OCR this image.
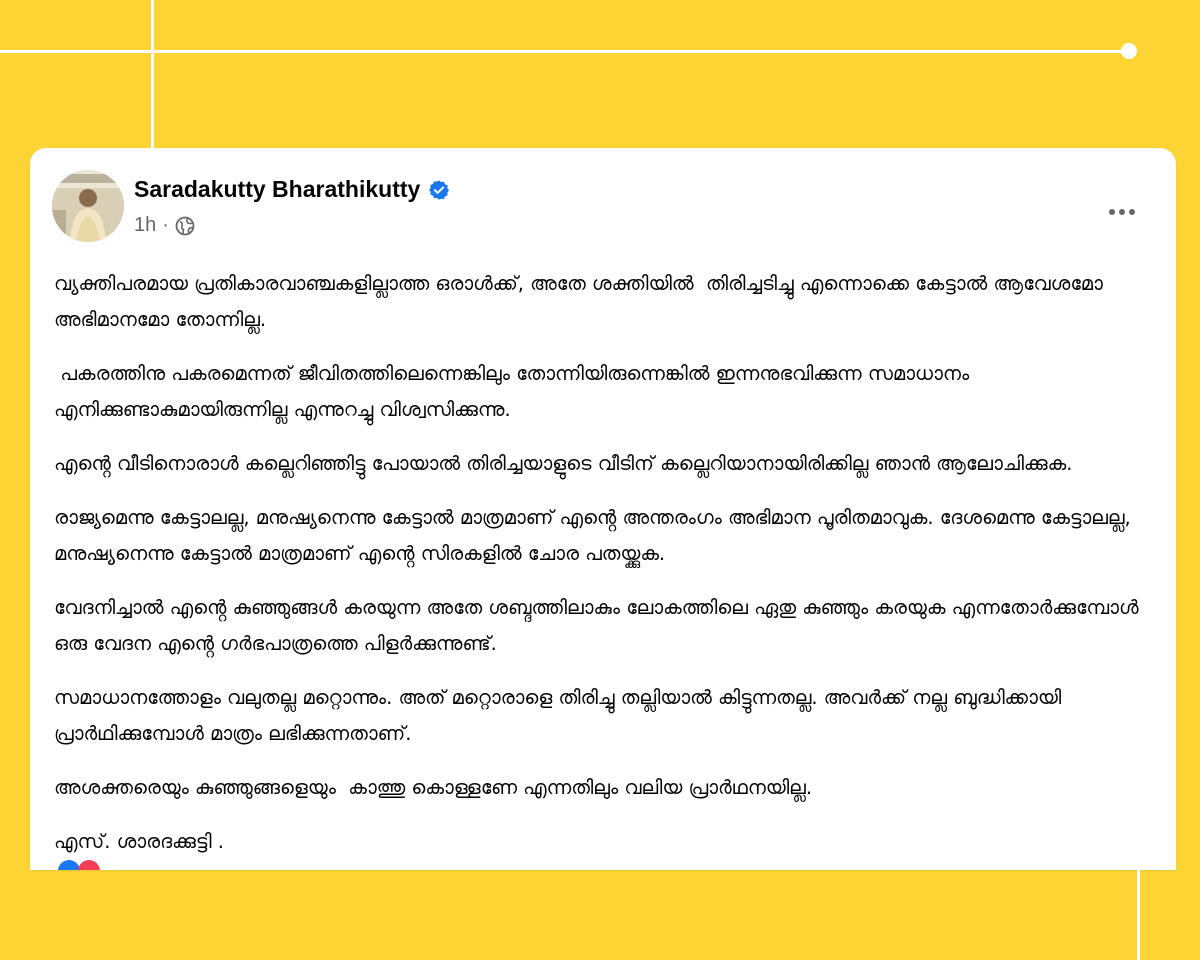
Saradakutty Bharathikutty
1h ·

വ്യക്തിപരമായ പ്രതികാരവാഞ്ചകളില്ലാത്ത ഒരാൾക്ക്, അതേ ശക്തിയിൽ  തിരിച്ചടിച്ചു എന്നൊക്കെ കേട്ടാൽ ആവേശമോ അഭിമാനമോ തോന്നില്ല.

പകരത്തിനു പകരമെന്നത് ജീവിതത്തിലെന്നെങ്കിലും തോന്നിയിരുന്നെങ്കിൽ ഇന്നനുഭവിക്കുന്ന സമാധാനം എനിക്കുണ്ടാകുമായിരുന്നില്ല എന്നുറച്ചു വിശ്വസിക്കുന്നു.

എൻ്റെ വീടിനൊരാൾ കല്ലെറിഞ്ഞിട്ടു പോയാൽ തിരിച്ചയാളുടെ വീടിന് കല്ലെറിയാനായിരിക്കില്ല ഞാൻ ആലോചിക്കുക.

രാജ്യമെന്നു കേട്ടാലല്ല, മനുഷ്യനെന്നു കേട്ടാൽ മാത്രമാണ് എൻ്റെ അന്തരംഗം അഭിമാന പൂരിതമാവുക. ദേശമെന്നു കേട്ടാലല്ല, മനുഷ്യനെന്നു കേട്ടാൽ മാത്രമാണ് എൻ്റെ സിരകളിൽ ചോര പതയ്ക്കുക.

വേദനിച്ചാൽ എൻ്റെ കുഞ്ഞുങ്ങൾ കരയുന്ന അതേ ശബ്ദത്തിലാകും ലോകത്തിലെ ഏതു കുഞ്ഞും കരയുക എന്നതോർക്കുമ്പോൾ ഒരു വേദന എൻ്റെ ഗർഭപാത്രത്തെ പിളർക്കുന്നുണ്ട്.

സമാധാനത്തോളം വലുതല്ല മറ്റൊന്നും. അത് മറ്റൊരാളെ തിരിച്ചു തല്ലിയാൽ കിട്ടുന്നതല്ല. അവർക്ക് നല്ല ബുദ്ധിക്കായി പ്രാർഥിക്കുമ്പോൾ മാത്രം ലഭിക്കുന്നതാണ്.

അശക്തരെയും കുഞ്ഞുങ്ങളെയും  കാത്തു കൊള്ളണേ എന്നതിലും വലിയ പ്രാർഥനയില്ല.

എസ്. ശാരദക്കുട്ടി .
